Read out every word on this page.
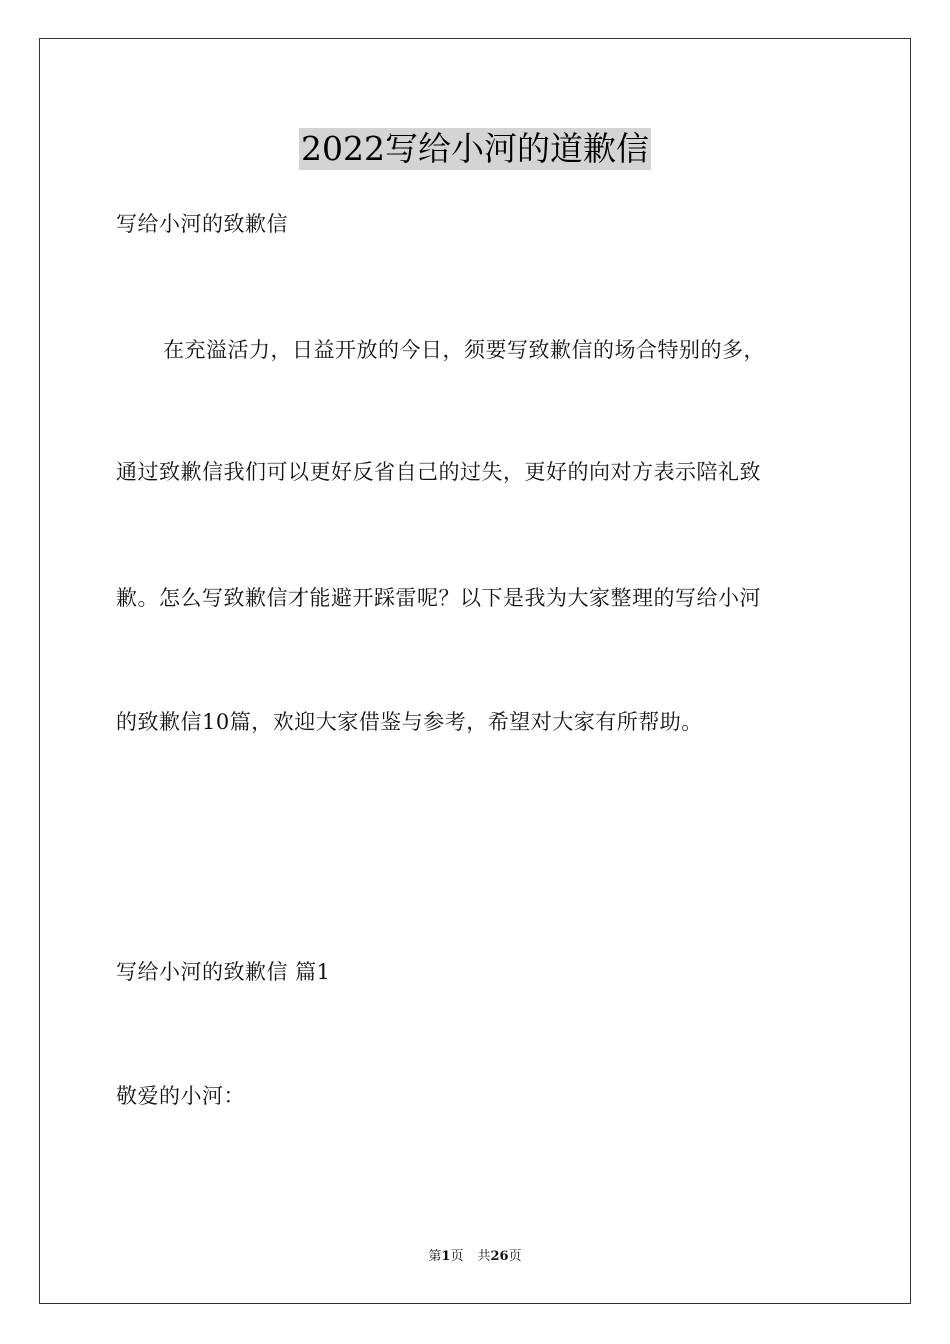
2022写给小河的道歉信
写给小河的致歉信
在充溢活力，日益开放的今日，须要写致歉信的场合特别的多，
通过致歉信我们可以更好反省自己的过失，更好的向对方表示陪礼致
歉。怎么写致歉信才能避开踩雷呢？以下是我为大家整理的写给小河
的致歉信10篇，欢迎大家借鉴与参考，希望对大家有所帮助。
写给小河的致歉信 篇1
敬爱的小河：
第1页 共26页
